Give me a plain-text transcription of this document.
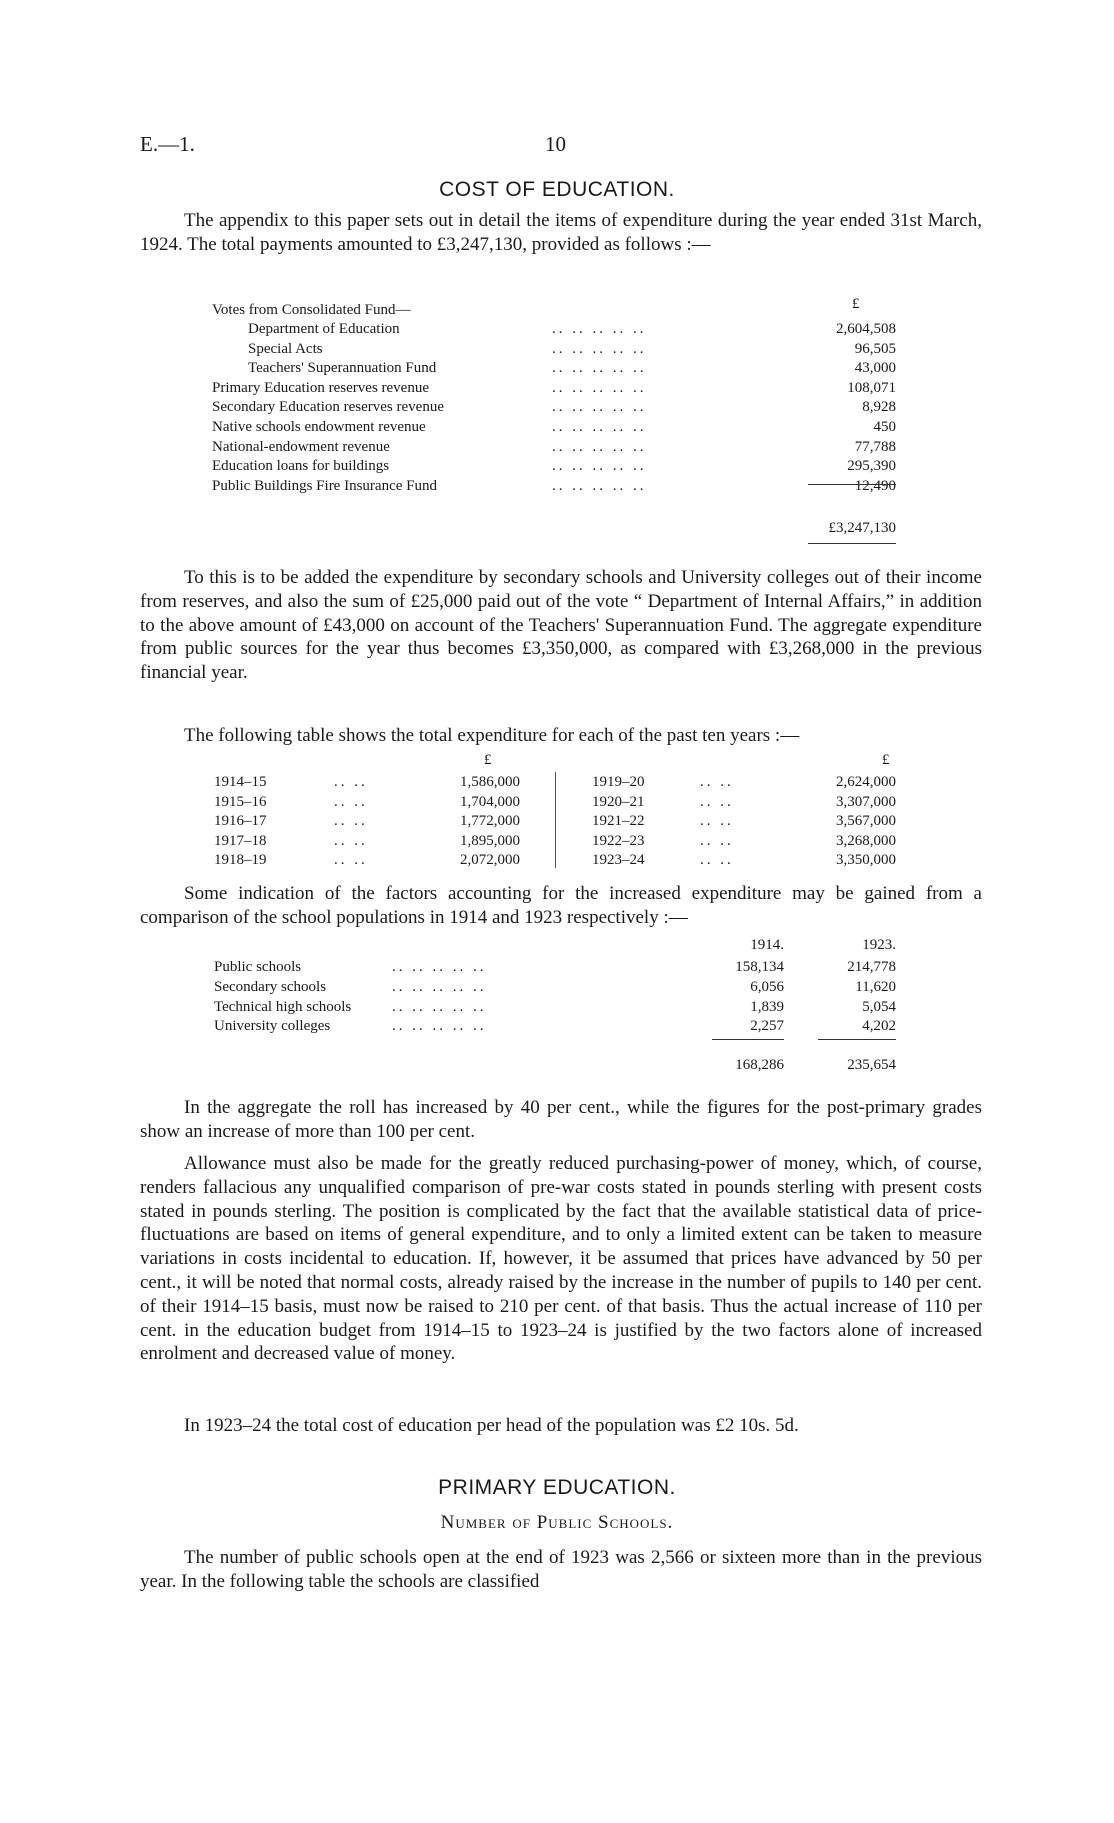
E.—1.	10
COST OF EDUCATION.
The appendix to this paper sets out in detail the items of expenditure during the year ended 31st March, 1924. The total payments amounted to £3,247,130, provided as follows :—
£
Votes from Consolidated Fund—
Department of Education	.. .. .. .. ..	2,604,508
Special Acts	.. .. .. .. ..	96,505
Teachers' Superannuation Fund	.. .. .. .. ..	43,000
Primary Education reserves revenue	.. .. .. .. ..	108,071
Secondary Education reserves revenue	.. .. .. .. ..	8,928
Native schools endowment revenue	.. .. .. .. ..	450
National-endowment revenue	.. .. .. .. ..	77,788
Education loans for buildings	.. .. .. .. ..	295,390
Public Buildings Fire Insurance Fund	.. .. .. .. ..	12,490
£3,247,130
To this is to be added the expenditure by secondary schools and University colleges out of their income from reserves, and also the sum of £25,000 paid out of the vote “ Department of Internal Affairs,” in addition to the above amount of £43,000 on account of the Teachers' Superannuation Fund. The aggregate expenditure from public sources for the year thus becomes £3,350,000, as compared with £3,268,000 in the previous financial year.
The following table shows the total expenditure for each of the past ten years :—
£	£
1914–15	.. ..	1,586,000	1919–20	.. ..	2,624,000
1915–16	.. ..	1,704,000	1920–21	.. ..	3,307,000
1916–17	.. ..	1,772,000	1921–22	.. ..	3,567,000
1917–18	.. ..	1,895,000	1922–23	.. ..	3,268,000
1918–19	.. ..	2,072,000	1923–24	.. ..	3,350,000
Some indication of the factors accounting for the increased expenditure may be gained from a comparison of the school populations in 1914 and 1923 respectively :—
1914.	1923.
Public schools	.. .. .. .. ..	158,134	214,778
Secondary schools	.. .. .. .. ..	6,056	11,620
Technical high schools	.. .. .. .. ..	1,839	5,054
University colleges	.. .. .. .. ..	2,257	4,202
168,286	235,654
In the aggregate the roll has increased by 40 per cent., while the figures for the post-primary grades show an increase of more than 100 per cent.
Allowance must also be made for the greatly reduced purchasing-power of money, which, of course, renders fallacious any unqualified comparison of pre-war costs stated in pounds sterling with present costs stated in pounds sterling. The position is complicated by the fact that the available statistical data of price-fluctuations are based on items of general expenditure, and to only a limited extent can be taken to measure variations in costs incidental to education. If, however, it be assumed that prices have advanced by 50 per cent., it will be noted that normal costs, already raised by the increase in the number of pupils to 140 per cent. of their 1914–15 basis, must now be raised to 210 per cent. of that basis. Thus the actual increase of 110 per cent. in the education budget from 1914–15 to 1923–24 is justified by the two factors alone of increased enrolment and decreased value of money.
In 1923–24 the total cost of education per head of the population was £2 10s. 5d.
PRIMARY EDUCATION.
Number of Public Schools.
The number of public schools open at the end of 1923 was 2,566 or sixteen more than in the previous year. In the following table the schools are classified
